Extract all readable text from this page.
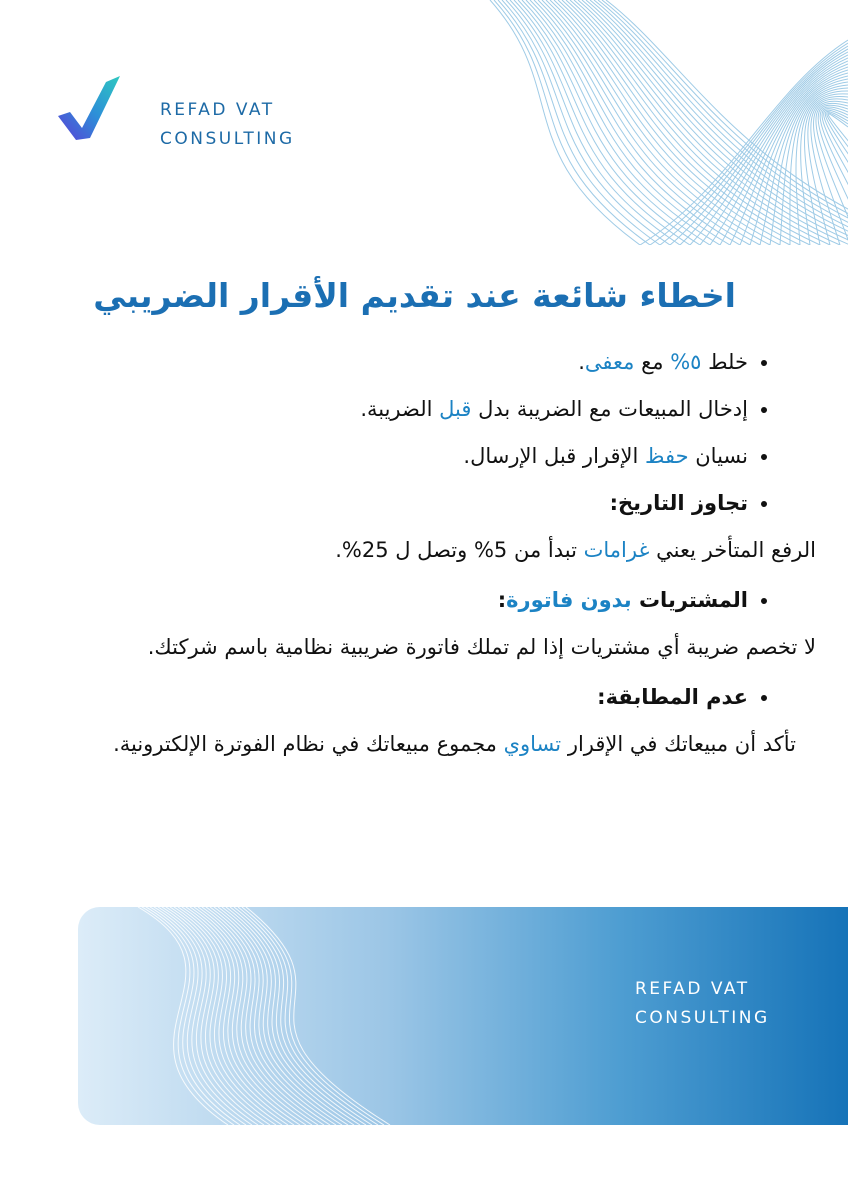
REFAD VAT
CONSULTING
اخطاء شائعة عند تقديم الأقرار الضريبي
• خلط ٥% مع معفى.
• إدخال المبيعات مع الضريبة بدل قبل الضريبة.
• نسيان حفظ الإقرار قبل الإرسال.
• تجاوز التاريخ:

الرفع المتأخر يعني غرامات تبدأ من 5% وتصل ل 25%.

• المشتريات بدون فاتورة:

لا تخصم ضريبة أي مشتريات إذا لم تملك فاتورة ضريبية نظامية باسم شركتك.

• عدم المطابقة:

تأكد أن مبيعاتك في الإقرار تساوي مجموع مبيعاتك في نظام الفوترة الإلكترونية.

REFAD VAT
CONSULTING
